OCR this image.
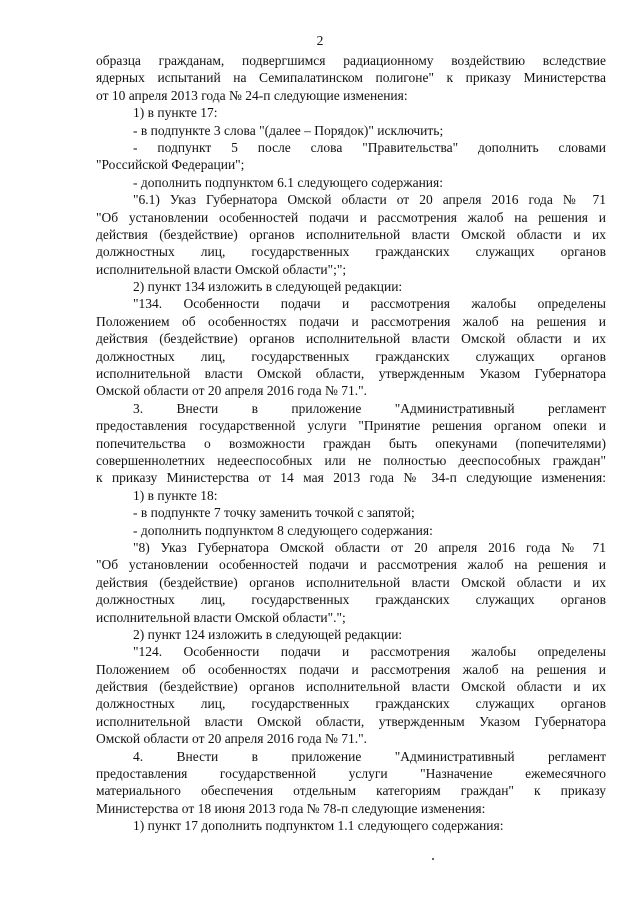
2
образца гражданам, подвергшимся радиационному воздействию вследствие
ядерных испытаний на Семипалатинском полигоне" к приказу Министерства
от 10 апреля 2013 года № 24-п следующие изменения:
1) в пункте 17:
- в подпункте 3 слова "(далее – Порядок)" исключить;
- подпункт 5 после слова "Правительства" дополнить словами
"Российской Федерации";
- дополнить подпунктом 6.1 следующего содержания:
"6.1) Указ Губернатора Омской области от 20 апреля 2016 года № 71
"Об установлении особенностей подачи и рассмотрения жалоб на решения и
действия (бездействие) органов исполнительной власти Омской области и их
должностных лиц, государственных гражданских служащих органов
исполнительной власти Омской области";";
2) пункт 134 изложить в следующей редакции:
"134. Особенности подачи и рассмотрения жалобы определены
Положением об особенностях подачи и рассмотрения жалоб на решения и
действия (бездействие) органов исполнительной власти Омской области и их
должностных лиц, государственных гражданских служащих органов
исполнительной власти Омской области, утвержденным Указом Губернатора
Омской области от 20 апреля 2016 года № 71.".
3. Внести в приложение "Административный регламент
предоставления государственной услуги "Принятие решения органом опеки и
попечительства о возможности граждан быть опекунами (попечителями)
совершеннолетних недееспособных или не полностью дееспособных граждан"
к приказу Министерства от 14 мая 2013 года № 34-п следующие изменения:
1) в пункте 18:
- в подпункте 7 точку заменить точкой с запятой;
- дополнить подпунктом 8 следующего содержания:
"8) Указ Губернатора Омской области от 20 апреля 2016 года № 71
"Об установлении особенностей подачи и рассмотрения жалоб на решения и
действия (бездействие) органов исполнительной власти Омской области и их
должностных лиц, государственных гражданских служащих органов
исполнительной власти Омской области".";
2) пункт 124 изложить в следующей редакции:
"124. Особенности подачи и рассмотрения жалобы определены
Положением об особенностях подачи и рассмотрения жалоб на решения и
действия (бездействие) органов исполнительной власти Омской области и их
должностных лиц, государственных гражданских служащих органов
исполнительной власти Омской области, утвержденным Указом Губернатора
Омской области от 20 апреля 2016 года № 71.".
4. Внести в приложение "Административный регламент
предоставления государственной услуги "Назначение ежемесячного
материального обеспечения отдельным категориям граждан" к приказу
Министерства от 18 июня 2013 года № 78-п следующие изменения:
1) пункт 17 дополнить подпунктом 1.1 следующего содержания:
